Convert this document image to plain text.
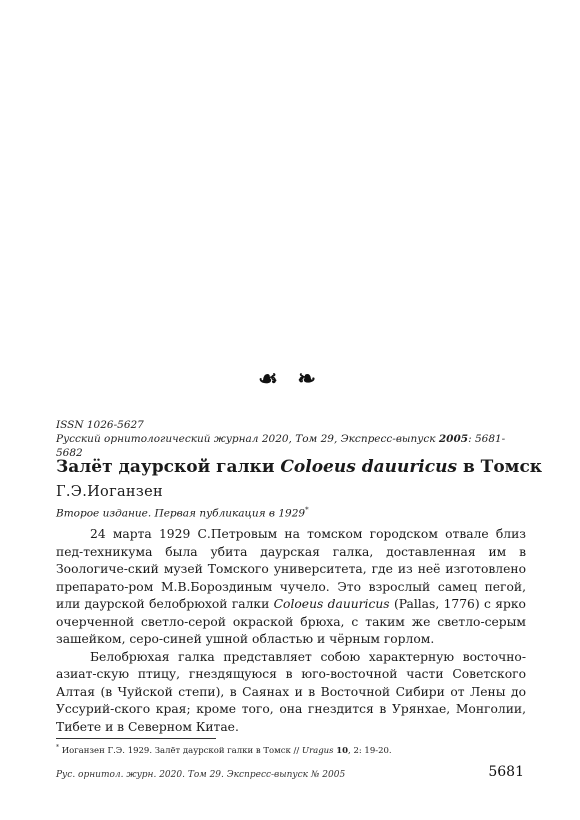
☙ ❧
ISSN 1026-5627
Русский орнитологический журнал 2020, Том 29, Экспресс-выпуск 2005: 5681-5682
Залёт даурской галки Coloeus dauuricus в Томск
Г.Э.Иоганзен
Второе издание. Первая публикация в 1929*

24 марта 1929 С.Петровым на томском городском отвале близ пед-техникума была убита даурская галка, доставленная им в Зоологиче-ский музей Томского университета, где из неё изготовлено препарато-ром М.В.Бороздиным чучело. Это взрослый самец пегой, или даурской белобрюхой галки Coloeus dauuricus (Pallas, 1776) с ярко очерченной светло-серой окраской брюха, с таким же светло-серым зашейком, серо-синей ушной областью и чёрным горлом.

Белобрюхая галка представляет собою характерную восточно-азиат-скую птицу, гнездящуюся в юго-восточной части Советского Алтая (в Чуйской степи), в Саянах и в Восточной Сибири от Лены до Уссурий-ского края; кроме того, она гнездится в Урянхае, Монголии, Тибете и в Северном Китае.

* Иоганзен Г.Э. 1929. Залёт даурской галки в Томск // Uragus 10, 2: 19-20.
Рус. орнитол. журн. 2020. Том 29. Экспресс-выпуск № 2005	5681
